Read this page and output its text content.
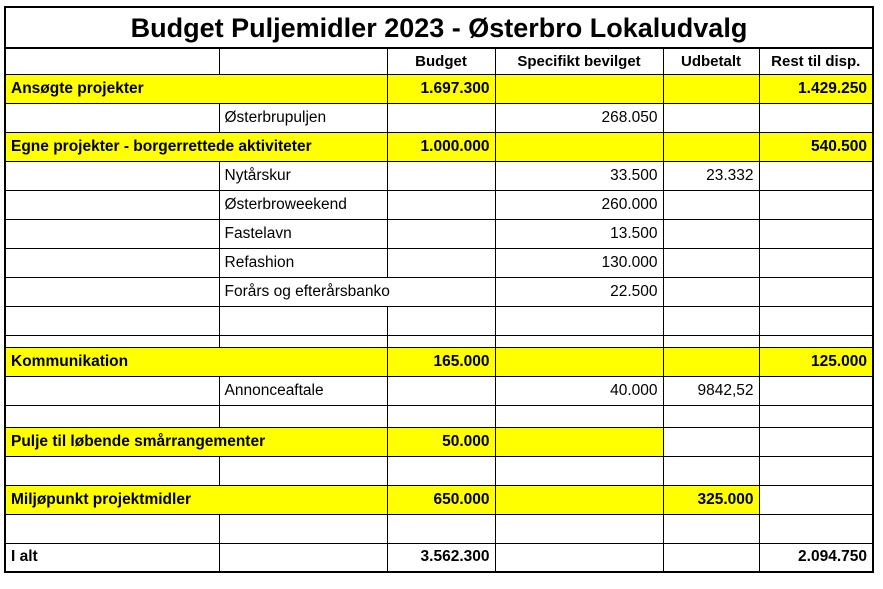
Budget Puljemidler 2023 - Østerbro Lokaludvalg					
		Budget	Specifikt bevilget	Udbetalt	Rest til disp.

Ansøgte projekter		1.697.300			1.429.250
	Østerbrupuljen		268.050		

Egne projekter - borgerrettede aktiviteter		1.000.000			540.500
	Nytårskur		33.500	23.332	
	Østerbroweekend		260.000		
	Fastelavn		13.500		
	Refashion		130.000		

	Forårs og efterårsbanko		22.500		

Kommunikation		165.000			125.000
	Annonceaftale		40.000	9842,52	

Pulje til løbende smårrangementer		50.000			

Miljøpunkt projektmidler		650.000		325.000	

I alt		3.562.300			2.094.750
